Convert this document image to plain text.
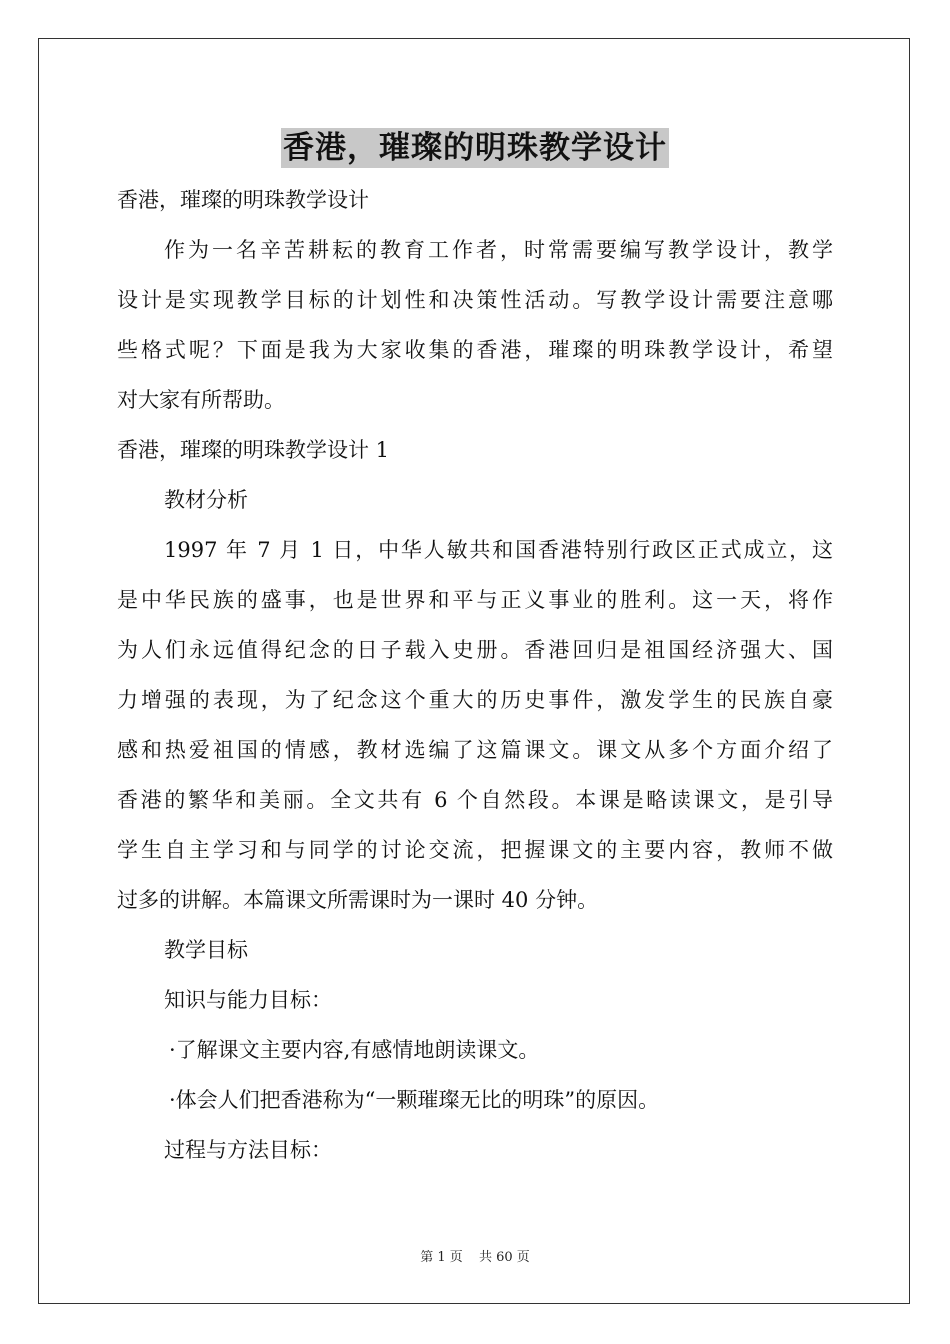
香港，璀璨的明珠教学设计
香港，璀璨的明珠教学设计
作为一名辛苦耕耘的教育工作者，时常需要编写教学设计，教学
设计是实现教学目标的计划性和决策性活动。写教学设计需要注意哪
些格式呢？下面是我为大家收集的香港，璀璨的明珠教学设计，希望
对大家有所帮助。
香港，璀璨的明珠教学设计 1
教材分析
1997 年 7 月 1 日，中华人敏共和国香港特别行政区正式成立，这
是中华民族的盛事，也是世界和平与正义事业的胜利。这一天，将作
为人们永远值得纪念的日子载入史册。香港回归是祖国经济强大、国
力增强的表现，为了纪念这个重大的历史事件，激发学生的民族自豪
感和热爱祖国的情感，教材选编了这篇课文。课文从多个方面介绍了
香港的繁华和美丽。全文共有 6 个自然段。本课是略读课文，是引导
学生自主学习和与同学的讨论交流，把握课文的主要内容，教师不做
过多的讲解。本篇课文所需课时为一课时 40 分钟。
教学目标
知识与能力目标：
·了解课文主要内容,有感情地朗读课文。
·体会人们把香港称为“一颗璀璨无比的明珠”的原因。
过程与方法目标：
第 1 页 共 60 页
